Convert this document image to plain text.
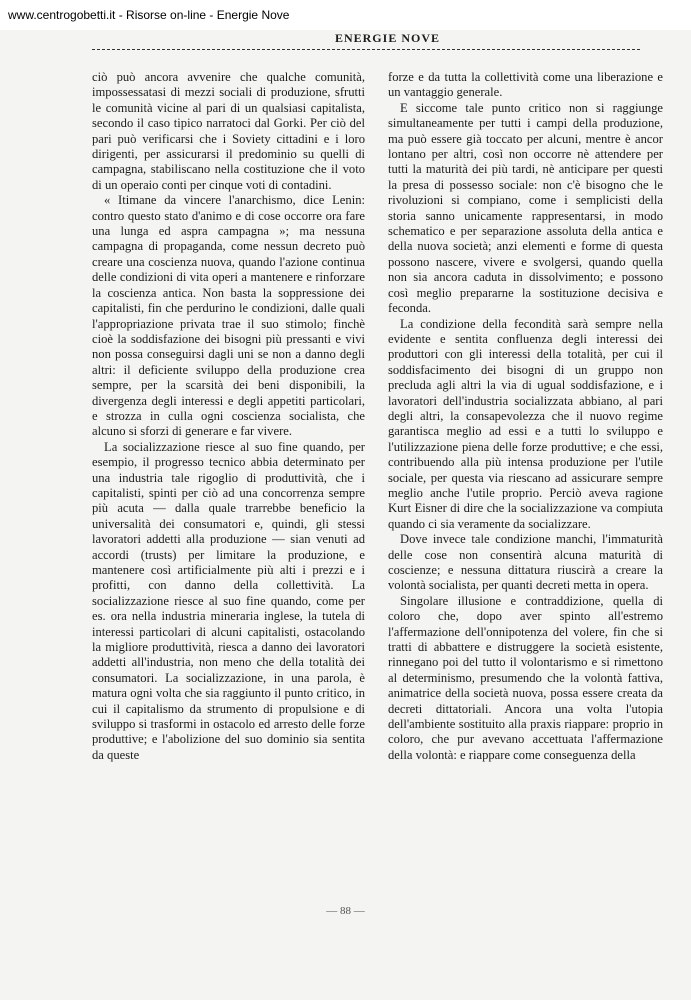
www.centrogobetti.it - Risorse on-line - Energie Nove
ENERGIE NOVE

ciò può ancora avvenire che qualche comunità, impossessatasi di mezzi sociali di produzione, sfrutti le comunità vicine al pari di un qualsiasi capitalista, secondo il caso tipico narratoci dal Gorki. Per ciò del pari può verificarsi che i Soviety cittadini e i loro dirigenti, per assicurarsi il predominio su quelli di campagna, stabiliscano nella costituzione che il voto di un operaio conti per cinque voti di contadini.

« Itimane da vincere l'anarchismo, dice Lenin: contro questo stato d'animo e di cose occorre ora fare una lunga ed aspra campagna »; ma nessuna campagna di propaganda, come nessun decreto può creare una coscienza nuova, quando l'azione continua delle condizioni di vita operi a mantenere e rinforzare la coscienza antica. Non basta la soppressione dei capitalisti, fin che perdurino le condizioni, dalle quali l'appropriazione privata trae il suo stimolo; finchè cioè la soddisfazione dei bisogni più pressanti e vivi non possa conseguirsi dagli uni se non a danno degli altri: il deficiente sviluppo della produzione crea sempre, per la scarsità dei beni disponibili, la divergenza degli interessi e degli appetiti particolari, e strozza in culla ogni coscienza socialista, che alcuno si sforzi di generare e far vivere.

La socializzazione riesce al suo fine quando, per esempio, il progresso tecnico abbia determinato per una industria tale rigoglio di produttività, che i capitalisti, spinti per ciò ad una concorrenza sempre più acuta — dalla quale trarrebbe beneficio la universalità dei consumatori e, quindi, gli stessi lavoratori addetti alla produzione — sian venuti ad accordi (trusts) per limitare la produzione, e mantenere così artificialmente più alti i prezzi e i profitti, con danno della collettività. La socializzazione riesce al suo fine quando, come per es. ora nella industria mineraria inglese, la tutela di interessi particolari di alcuni capitalisti, ostacolando la migliore produttività, riesca a danno dei lavoratori addetti all'industria, non meno che della totalità dei consumatori. La socializzazione, in una parola, è matura ogni volta che sia raggiunto il punto critico, in cui il capitalismo da strumento di propulsione e di sviluppo si trasformi in ostacolo ed arresto delle forze produttive; e l'abolizione del suo dominio sia sentita da queste

forze e da tutta la collettività come una liberazione e un vantaggio generale.

E siccome tale punto critico non si raggiunge simultaneamente per tutti i campi della produzione, ma può essere già toccato per alcuni, mentre è ancor lontano per altri, così non occorre nè attendere per tutti la maturità dei più tardi, nè anticipare per questi la presa di possesso sociale: non c'è bisogno che le rivoluzioni si compiano, come i semplicisti della storia sanno unicamente rappresentarsi, in modo schematico e per separazione assoluta della antica e della nuova società; anzi elementi e forme di questa possono nascere, vivere e svolgersi, quando quella non sia ancora caduta in dissolvimento; e possono così meglio prepararne la sostituzione decisiva e feconda.

La condizione della fecondità sarà sempre nella evidente e sentita confluenza degli interessi dei produttori con gli interessi della totalità, per cui il soddisfacimento dei bisogni di un gruppo non precluda agli altri la via di ugual soddisfazione, e i lavoratori dell'industria socializzata abbiano, al pari degli altri, la consapevolezza che il nuovo regime garantisca meglio ad essi e a tutti lo sviluppo e l'utilizzazione piena delle forze produttive; e che essi, contribuendo alla più intensa produzione per l'utile sociale, per questa via riescano ad assicurare sempre meglio anche l'utile proprio. Perciò aveva ragione Kurt Eisner di dire che la socializzazione va compiuta quando ci sia veramente da socializzare.

Dove invece tale condizione manchi, l'immaturità delle cose non consentirà alcuna maturità di coscienze; e nessuna dittatura riuscirà a creare la volontà socialista, per quanti decreti metta in opera.

Singolare illusione e contraddizione, quella di coloro che, dopo aver spinto all'estremo l'affermazione dell'onnipotenza del volere, fin che si tratti di abbattere e distruggere la società esistente, rinnegano poi del tutto il volontarismo e si rimettono al determinismo, presumendo che la volontà fattiva, animatrice della società nuova, possa essere creata da decreti dittatoriali. Ancora una volta l'utopia dell'ambiente sostituito alla praxis riappare: proprio in coloro, che pur avevano accettuata l'affermazione della volontà: e riappare come conseguenza della

— 88 —
